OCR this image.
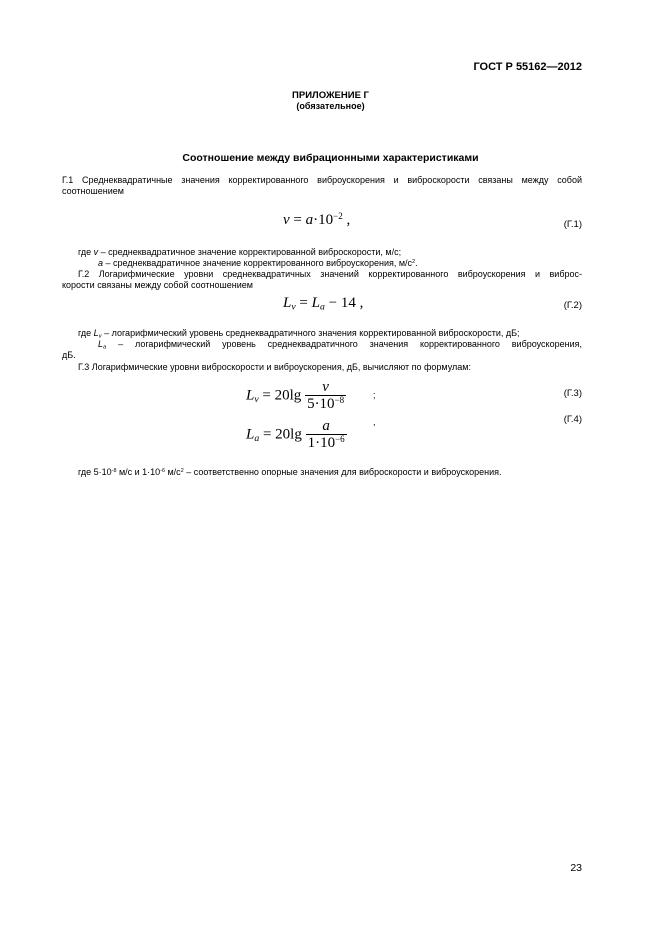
ГОСТ Р 55162—2012
ПРИЛОЖЕНИЕ Г
(обязательное)
Соотношение между вибрационными характеристиками
Г.1 Среднеквадратичные значения корректированного виброускорения и виброскорости связаны между собой
соотношением
$v = a\cdot 10^{-2}$ ,	(Г.1)
где v – среднеквадратичное значение корректированной виброскорости, м/с;
a – среднеквадратичное значение корректированного виброускорения, $м/с^2$.
Г.2 Логарифмические уровни среднеквадратичных значений корректированного виброускорения и виброс-
корости связаны между собой соотношением
$L_v = L_a - 14$ ,	(Г.2)
где $L_v$ – логарифмический уровень среднеквадратичного значения корректированной виброскорости, дБ;
$L_a$ – логарифмический уровень среднеквадратичного значения корректированного виброускорения,
дБ.
Г.3 Логарифмические уровни виброскорости и виброускорения, дБ, вычисляют по формулам:
$L_v = 20\lg \frac{v}{5\cdot 10^{-8}}$	;	(Г.3)
$L_a = 20\lg \frac{a}{1\cdot 10^{-6}}$	,	(Г.4)
где $5\cdot 10^{-8}$ м/с и $1\cdot 10^{-6}$ $м/с^2$ – соответственно опорные значения для виброскорости и виброускорения.
23
